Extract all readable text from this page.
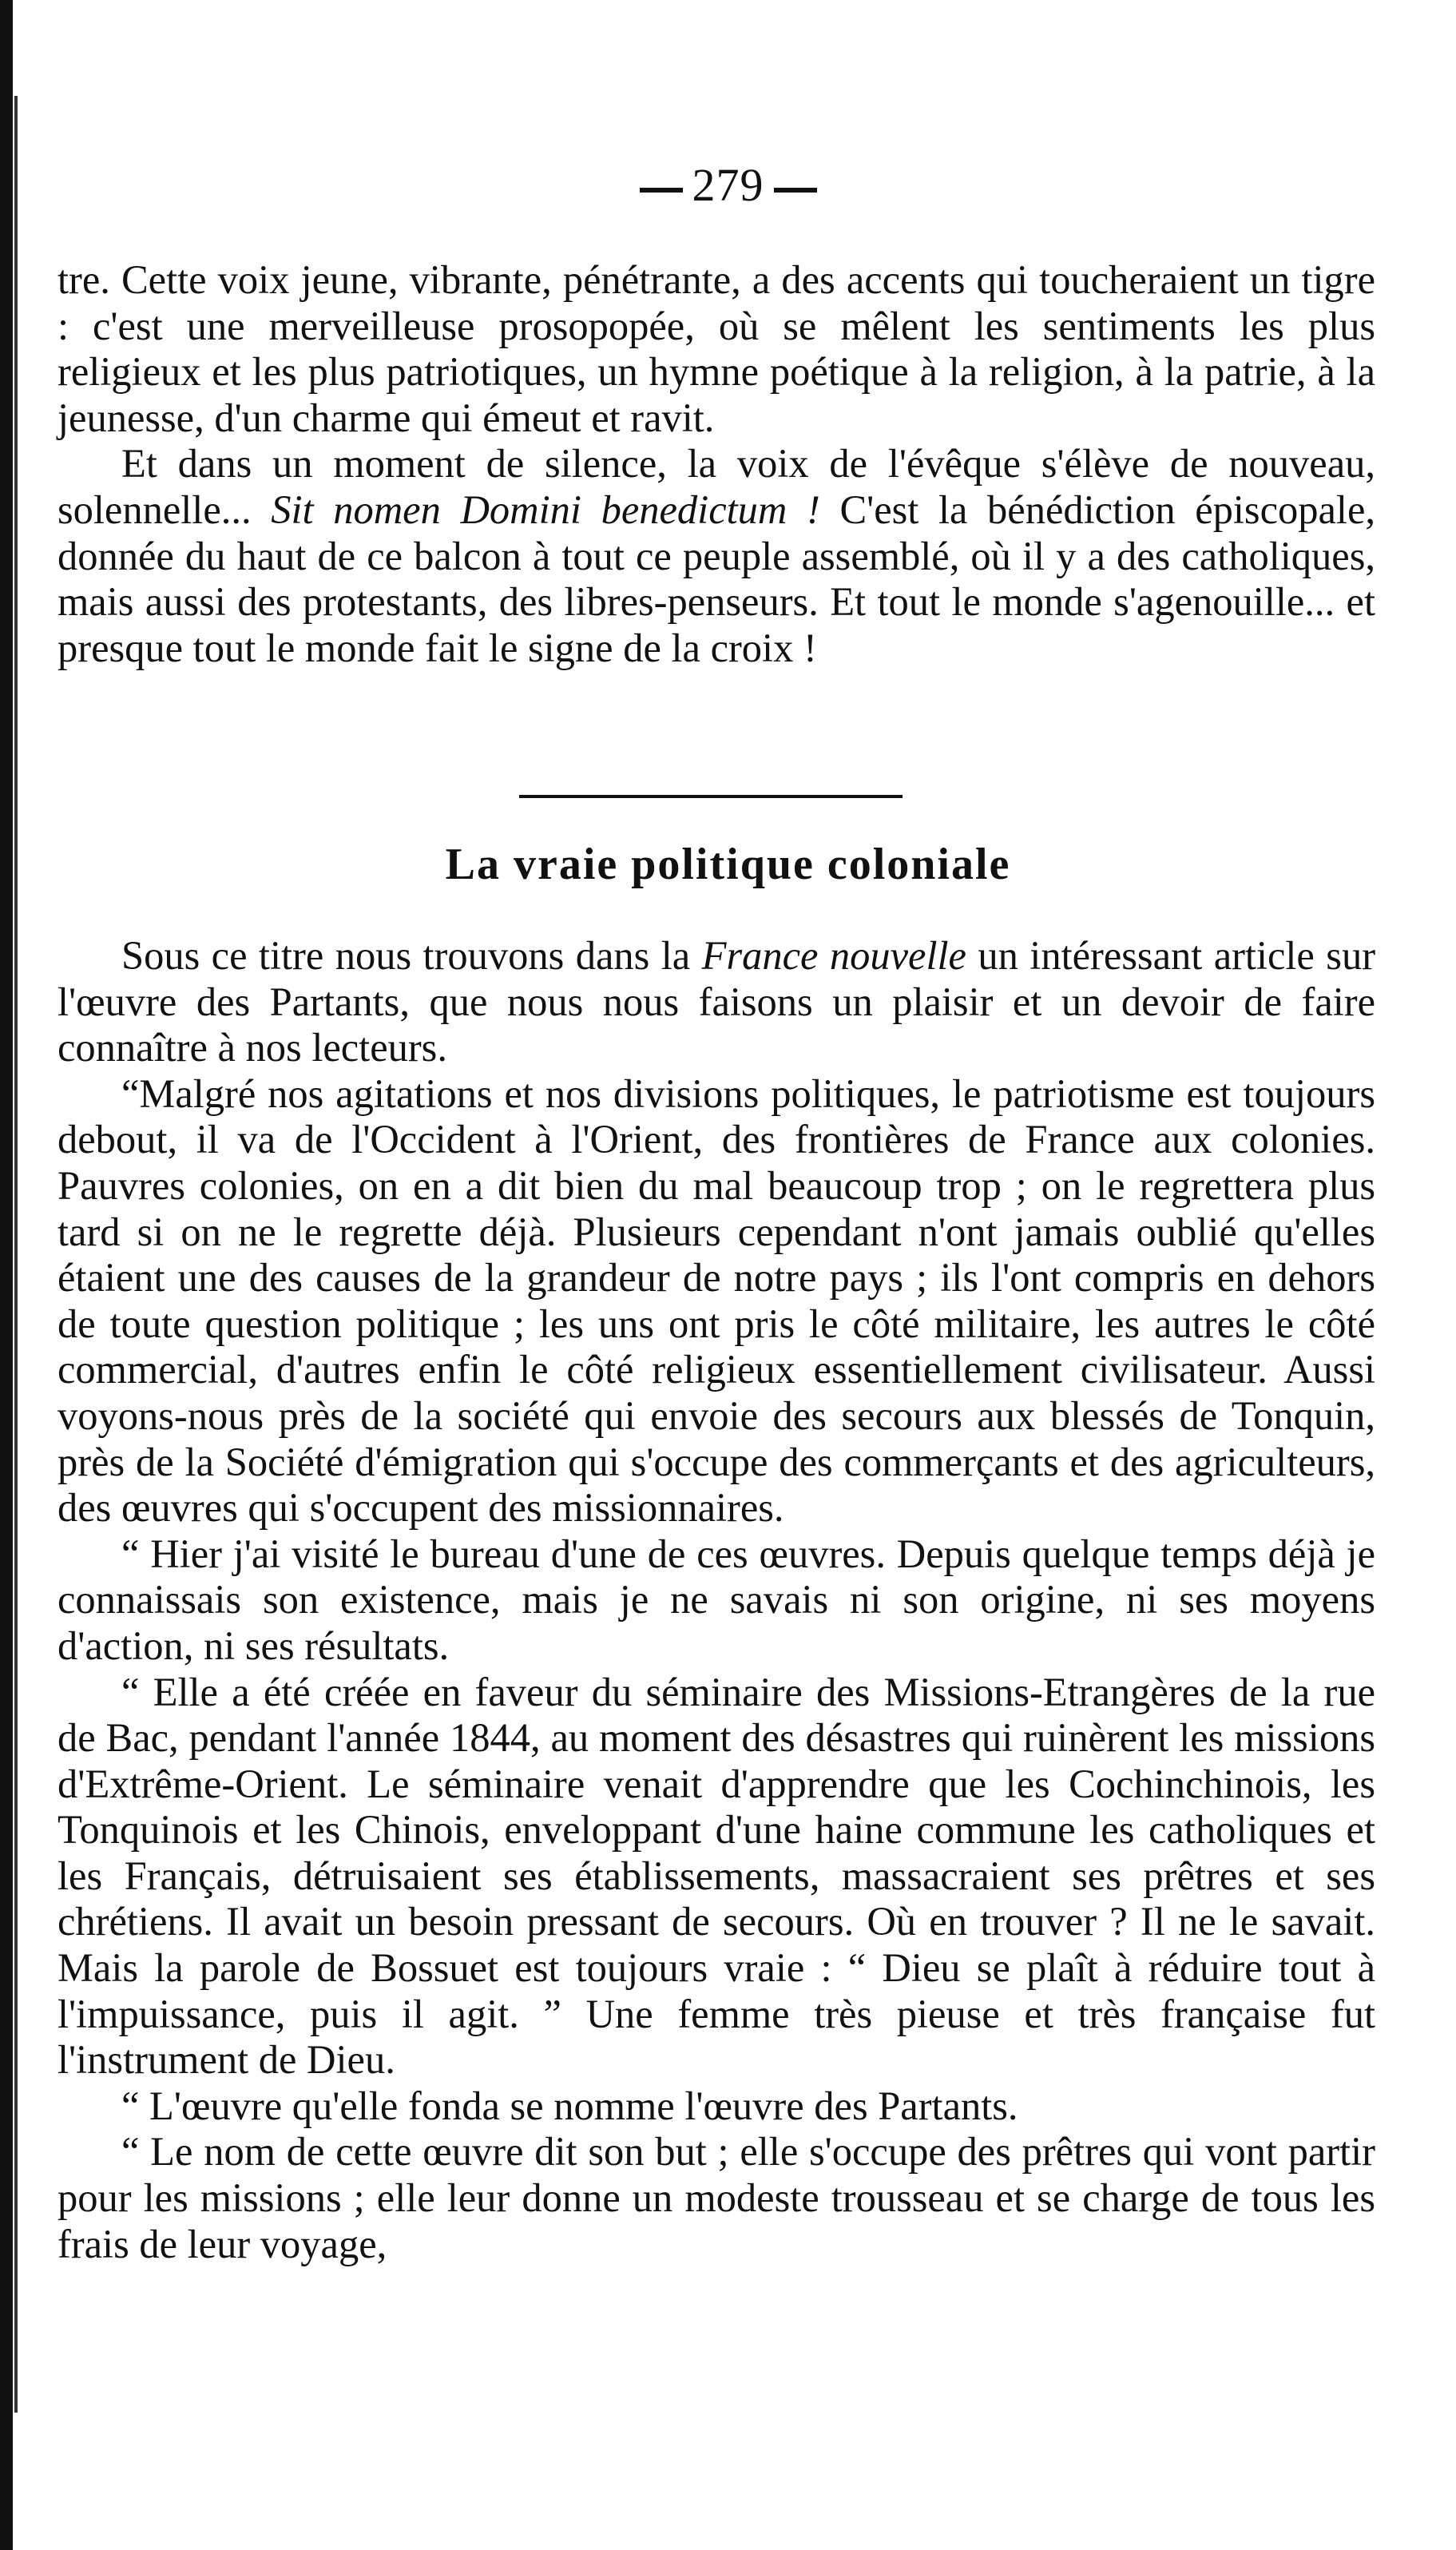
279

tre. Cette voix jeune, vibrante, pénétrante, a des accents qui toucheraient un tigre : c'est une merveilleuse prosopopée, où se mêlent les sentiments les plus religieux et les plus patriotiques, un hymne poétique à la religion, à la patrie, à la jeunesse, d'un charme qui émeut et ravit.

Et dans un moment de silence, la voix de l'évêque s'élève de nouveau, solennelle... Sit nomen Domini benedictum ! C'est la bénédiction épiscopale, donnée du haut de ce balcon à tout ce peuple assemblé, où il y a des catholiques, mais aussi des protestants, des libres-penseurs. Et tout le monde s'agenouille... et presque tout le monde fait le signe de la croix !

La vraie politique coloniale

Sous ce titre nous trouvons dans la France nouvelle un intéressant article sur l'œuvre des Partants, que nous nous faisons un plaisir et un devoir de faire connaître à nos lecteurs.

“Malgré nos agitations et nos divisions politiques, le patriotisme est toujours debout, il va de l'Occident à l'Orient, des frontières de France aux colonies. Pauvres colonies, on en a dit bien du mal beaucoup trop ; on le regrettera plus tard si on ne le regrette déjà. Plusieurs cependant n'ont jamais oublié qu'elles étaient une des causes de la grandeur de notre pays ; ils l'ont compris en dehors de toute question politique ; les uns ont pris le côté militaire, les autres le côté commercial, d'autres enfin le côté religieux essentiellement civilisateur. Aussi voyons-nous près de la société qui envoie des secours aux blessés de Tonquin, près de la Société d'émigration qui s'occupe des commerçants et des agriculteurs, des œuvres qui s'occupent des missionnaires.

“ Hier j'ai visité le bureau d'une de ces œuvres. Depuis quelque temps déjà je connaissais son existence, mais je ne savais ni son origine, ni ses moyens d'action, ni ses résultats.

“ Elle a été créée en faveur du séminaire des Missions-Etrangères de la rue de Bac, pendant l'année 1844, au moment des désastres qui ruinèrent les missions d'Extrême-Orient. Le séminaire venait d'apprendre que les Cochinchinois, les Tonquinois et les Chinois, enveloppant d'une haine commune les catholiques et les Français, détruisaient ses établissements, massacraient ses prêtres et ses chrétiens. Il avait un besoin pressant de secours. Où en trouver ? Il ne le savait. Mais la parole de Bossuet est toujours vraie : “ Dieu se plaît à réduire tout à l'impuissance, puis il agit. ” Une femme très pieuse et très française fut l'instrument de Dieu.

“ L'œuvre qu'elle fonda se nomme l'œuvre des Partants.

“ Le nom de cette œuvre dit son but ; elle s'occupe des prêtres qui vont partir pour les missions ; elle leur donne un modeste trousseau et se charge de tous les frais de leur voyage,
